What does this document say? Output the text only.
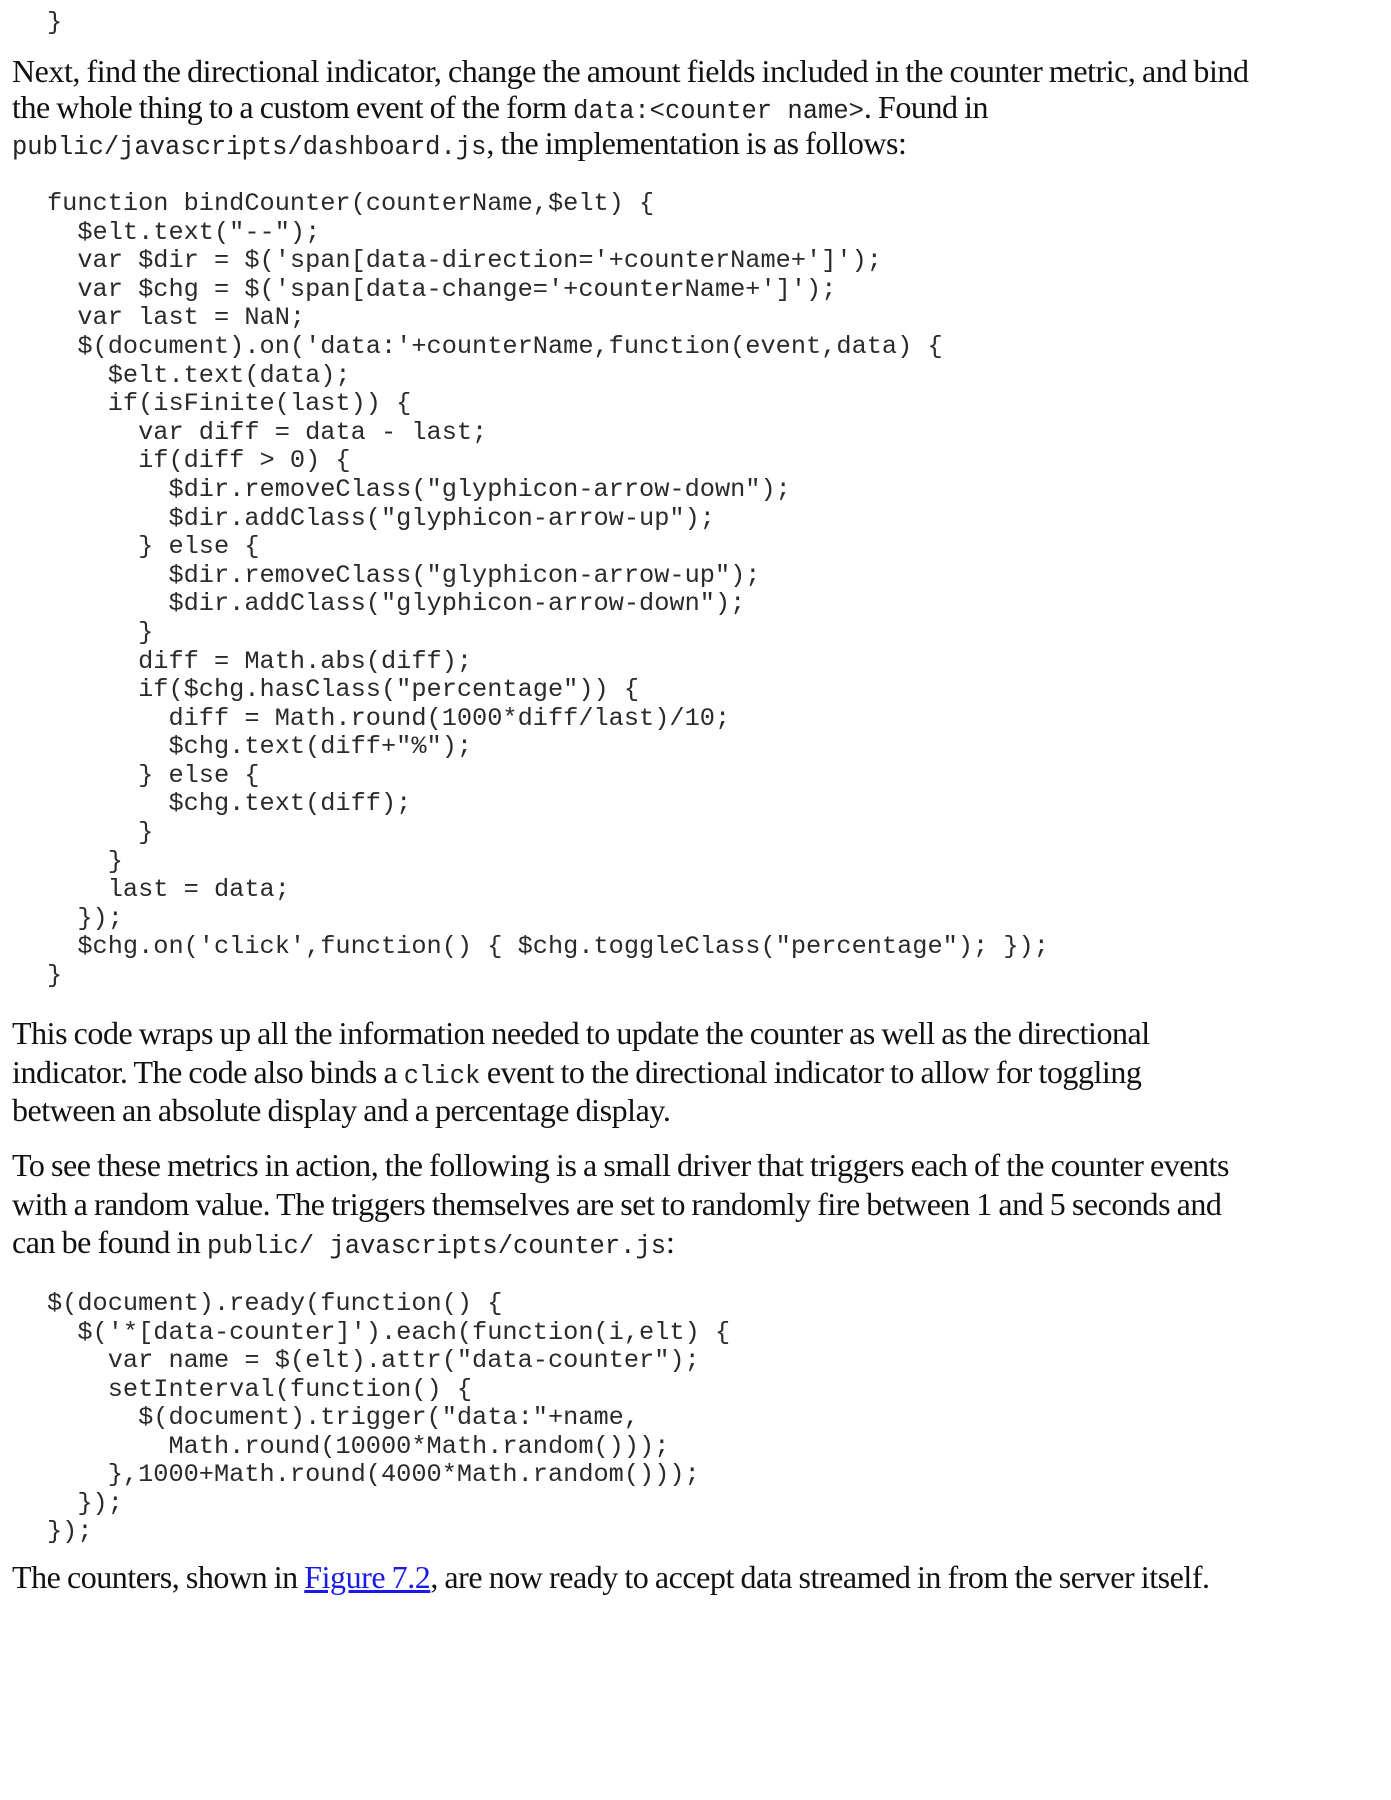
}
Next, find the directional indicator, change the amount fields included in the counter metric, and bind
the whole thing to a custom event of the form data:<counter name>. Found in
public/javascripts/dashboard.js, the implementation is as follows:
function bindCounter(counterName,$elt) {
$elt.text("--");
var $dir = $('span[data-direction='+counterName+']');
var $chg = $('span[data-change='+counterName+']');
var last = NaN;
$(document).on('data:'+counterName,function(event,data) {
$elt.text(data);
if(isFinite(last)) {
var diff = data - last;
if(diff > 0) {
$dir.removeClass("glyphicon-arrow-down");
$dir.addClass("glyphicon-arrow-up");
} else {
$dir.removeClass("glyphicon-arrow-up");
$dir.addClass("glyphicon-arrow-down");
}
diff = Math.abs(diff);
if($chg.hasClass("percentage")) {
diff = Math.round(1000*diff/last)/10;
$chg.text(diff+"%");
} else {
$chg.text(diff);
}
}
last = data;
});
$chg.on('click',function() { $chg.toggleClass("percentage"); });
}
This code wraps up all the information needed to update the counter as well as the directional
indicator. The code also binds a click event to the directional indicator to allow for toggling
between an absolute display and a percentage display.
To see these metrics in action, the following is a small driver that triggers each of the counter events
with a random value. The triggers themselves are set to randomly fire between 1 and 5 seconds and
can be found in public/ javascripts/counter.js:
$(document).ready(function() {
$('*[data-counter]').each(function(i,elt) {
var name = $(elt).attr("data-counter");
setInterval(function() {
$(document).trigger("data:"+name,
Math.round(10000*Math.random()));
},1000+Math.round(4000*Math.random()));
});
});
The counters, shown in Figure 7.2, are now ready to accept data streamed in from the server itself.
